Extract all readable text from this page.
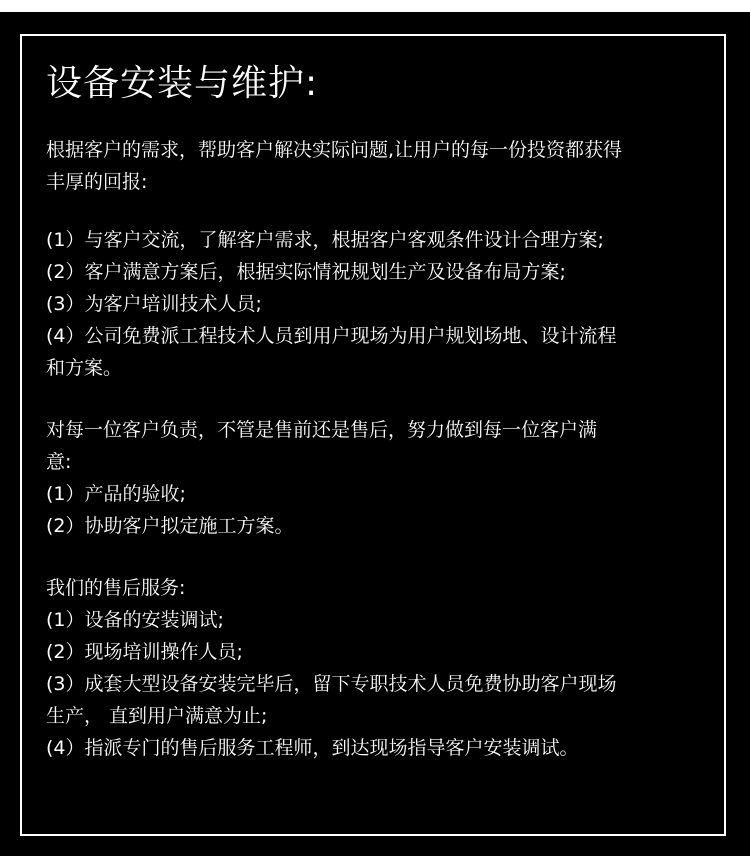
设备安装与维护:
根据客户的需求，帮助客户解决实际问题,让用户的每一份投资都获得
丰厚的回报:
(1）与客户交流，了解客户需求，根据客户客观条件设计合理方案;
(2）客户满意方案后，根据实际情祝规划生产及设备布局方案;
(3）为客户培训技术人员;
(4）公司免费派工程技术人员到用户现场为用户规划场地、设计流程
和方案。
对每一位客户负责，不管是售前还是售后，努力做到每一位客户满
意:
(1）产品的验收;
(2）协助客户拟定施工方案。
我们的售后服务:
(1）设备的安装调试;
(2）现场培训操作人员;
(3）成套大型设备安装完毕后，留下专职技术人员免费协助客户现场
生产， 直到用户满意为止;
(4）指派专门的售后服务工程师，到达现场指导客户安装调试。
